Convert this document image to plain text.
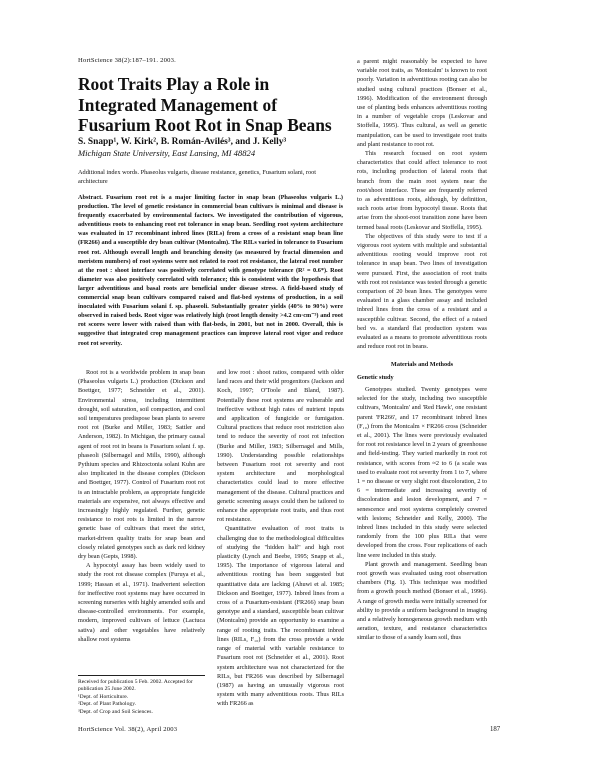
HortScience 38(2):187–191. 2003.
Root Traits Play a Role in Integrated Management of Fusarium Root Rot in Snap Beans
S. Snapp¹, W. Kirk², B. Román-Avilés³, and J. Kelly³
Michigan State University, East Lansing, MI 48824
Additional index words. Phaseolus vulgaris, disease resistance, genetics, Fusarium solani, root architecture

Abstract. Fusarium root rot is a major limiting factor in snap bean (Phaseolus vulgaris L.) production. The level of genetic resistance in commercial bean cultivars is minimal and disease is frequently exacerbated by environmental factors. We investigated the contribution of vigorous, adventitious roots to enhancing root rot tolerance in snap bean. Seedling root system architecture was evaluated in 17 recombinant inbred lines (RILs) from a cross of a resistant snap bean line (FR266) and a susceptible dry bean cultivar (Montcalm). The RILs varied in tolerance to Fusarium root rot. Although overall length and branching density (as measured by fractal dimension and meristem numbers) of root systems were not related to root rot resistance, the lateral root number at the root : shoot interface was positively correlated with genotype tolerance (R² = 0.6*). Root diameter was also positively correlated with tolerance; this is consistent with the hypothesis that larger adventitious and basal roots are beneficial under disease stress. A field-based study of commercial snap bean cultivars compared raised and flat-bed systems of production, in a soil inoculated with Fusarium solani f. sp. phaseoli. Substantially greater yields (40% to 90%) were observed in raised beds. Root vigor was relatively high (root length density >4.2 cm·cm⁻³) and root rot scores were lower with raised than with flat-beds, in 2001, but not in 2000. Overall, this is suggestive that integrated crop management practices can improve lateral root vigor and reduce root rot severity.

Root rot is a worldwide problem in snap bean (Phaseolus vulgaris L.) production (Dickson and Boettger, 1977; Schneider et al., 2001). Environmental stress, including intermittent drought, soil saturation, soil compaction, and cool soil temperatures predispose bean plants to severe root rot (Burke and Miller, 1983; Sattler and Anderson, 1982). In Michigan, the primary causal agent of root rot in beans is Fusarium solani f. sp. phaseoli (Silbernagel and Mills, 1990), although Pythium species and Rhizoctonia solani Kuhn are also implicated in the disease complex (Dickson and Boettger, 1977). Control of Fusarium root rot is an intractable problem, as appropriate fungicide materials are expensive, not always effective and increasingly highly regulated. Further, genetic resistance to root rots is limited in the narrow genetic base of cultivars that meet the strict, market-driven quality traits for snap bean and closely related genotypes such as dark red kidney dry bean (Gepts, 1998).

A hypocotyl assay has been widely used to study the root rot disease complex (Furuya et al., 1999; Hassan et al., 1971). Inadvertent selection for ineffective root systems may have occurred in screening nurseries with highly amended soils and disease-controlled environments. For example, modern, improved cultivars of lettuce (Lactuca sativa) and other vegetables have relatively shallow root systems

Received for publication 5 Feb. 2002. Accepted for publication 25 June 2002.
¹Dept. of Horticulture.
²Dept. of Plant Pathology.
³Dept. of Crop and Soil Sciences.

and low root : shoot ratios, compared with older land races and their wild progenitors (Jackson and Koch, 1997; O'Toole and Bland, 1987). Potentially these root systems are vulnerable and ineffective without high rates of nutrient inputs and application of fungicide or fumigation. Cultural practices that reduce root restriction also tend to reduce the severity of root rot infection (Burke and Miller, 1983; Silbernagel and Mills, 1990). Understanding possible relationships between Fusarium root rot severity and root system architecture and morphological characteristics could lead to more effective management of the disease. Cultural practices and genetic screening assays could then be tailored to enhance the appropriate root traits, and thus root rot resistance.

Quantitative evaluation of root traits is challenging due to the methodological difficulties of studying the "hidden half" and high root plasticity (Lynch and Beebe, 1995; Snapp et al., 1995). The importance of vigorous lateral and adventitious rooting has been suggested but quantitative data are lacking (Ahuwi et al. 1985; Dickson and Boettger, 1977). Inbred lines from a cross of a Fusarium-resistant (FR266) snap bean genotype and a standard, susceptible bean cultivar (Montcalm) provide an opportunity to examine a range of rooting traits. The recombinant inbred lines (RILs, F₁₀) from the cross provide a wide range of material with variable resistance to Fusarium root rot (Schneider et al., 2001). Root system architecture was not characterized for the RILs, but FR266 was described by Silbernagel (1987) as having an unusually vigorous root system with many adventitious roots. Thus RILs with FR266 as

a parent might reasonably be expected to have variable root traits, as 'Montcalm' is known to root poorly. Variation in adventitious rooting can also be studied using cultural practices (Bonser et al., 1996). Modification of the environment through use of planting beds enhances adventitious rooting in a number of vegetable crops (Leskovar and Stoffella, 1995). Thus cultural, as well as genetic manipulation, can be used to investigate root traits and plant resistance to root rot.

This research focused on root system characteristics that could affect tolerance to root rots, including production of lateral roots that branch from the main root system near the root/shoot interface. These are frequently referred to as adventitious roots, although, by definition, such roots arise from hypocotyl tissue. Roots that arise from the shoot-root transition zone have been termed basal roots (Leskovar and Stoffella, 1995).

The objectives of this study were to test if a vigorous root system with multiple and substantial adventitious rooting would improve root rot tolerance in snap bean. Two lines of investigation were pursued. First, the association of root traits with root rot resistance was tested through a genetic comparison of 20 bean lines. The genotypes were evaluated in a glass chamber assay and included inbred lines from the cross of a resistant and a susceptible cultivar. Second, the effect of a raised bed vs. a standard flat production system was evaluated as a means to promote adventitious roots and reduce root rot in beans.

Materials and Methods

Genetic study

Genotypes studied. Twenty genotypes were selected for the study, including two susceptible cultivars, 'Montcalm' and 'Red Hawk', one resistant parent 'FR266', and 17 recombinant inbred lines (F₁₀) from the Montcalm × FR266 cross (Schneider et al., 2001). The lines were previously evaluated for root rot resistance level in 2 years of greenhouse and field-testing. They varied markedly in root rot resistance, with scores from ≈2 to 6 (a scale was used to evaluate root rot severity from 1 to 7, where 1 = no disease or very slight root discoloration, 2 to 6 = intermediate and increasing severity of discoloration and lesion development, and 7 = senescence and root systems completely covered with lesions; Schneider and Kelly, 2000). The inbred lines included in this study were selected randomly from the 100 plus RILs that were developed from the cross. Four replications of each line were included in this study.

Plant growth and management. Seedling bean root growth was evaluated using root observation chambers (Fig. 1). This technique was modified from a growth pouch method (Bonser et al., 1996). A range of growth media were initially screened for ability to provide a uniform background in imaging and a relatively homogeneous growth medium with aeration, texture, and resistance characteristics similar to those of a sandy loam soil, thus

HortScience Vol. 38(2), April 2003	187
